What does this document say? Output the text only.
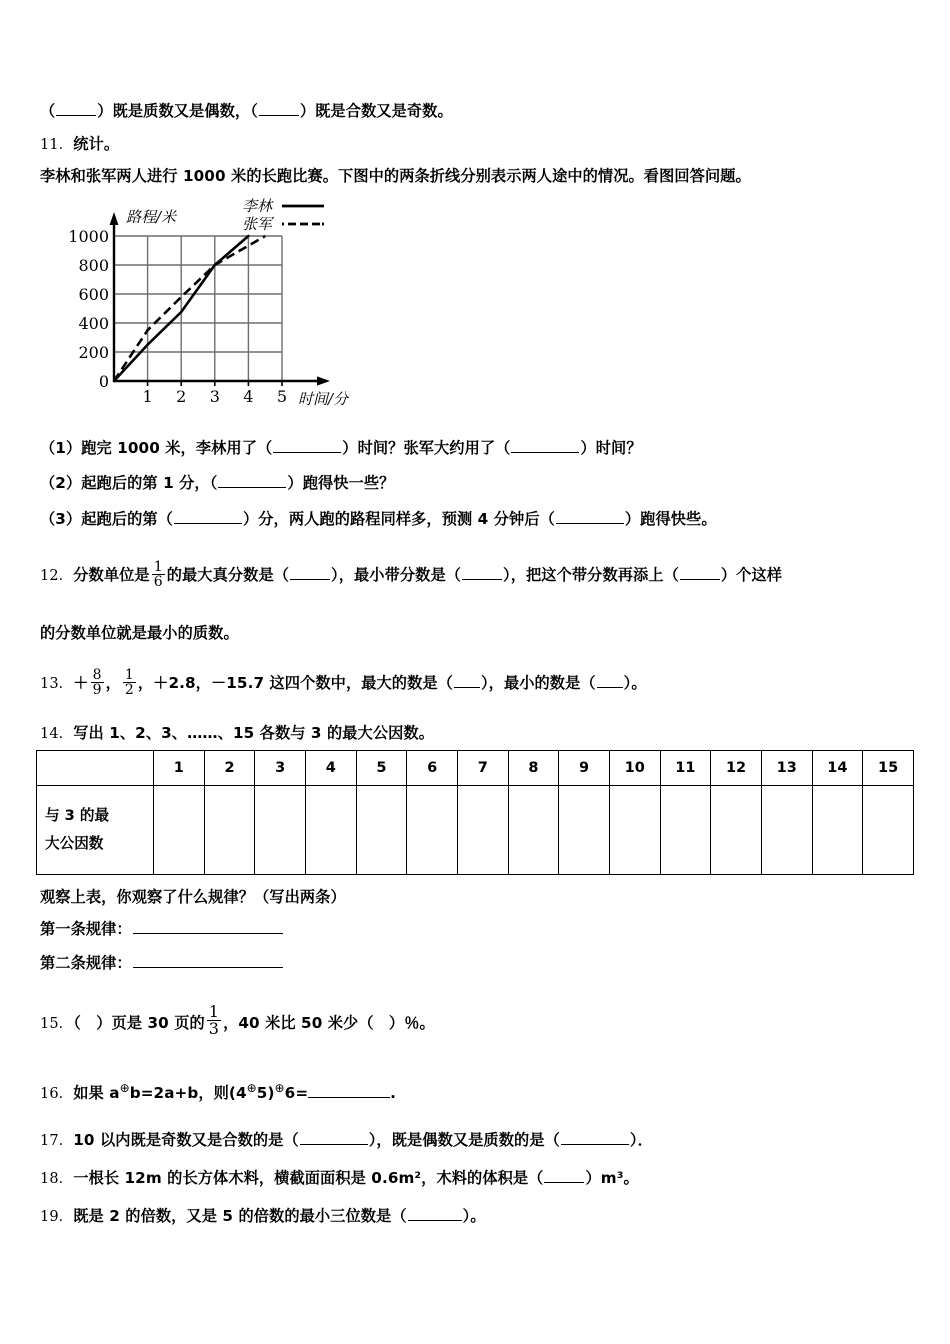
（	）既是质数又是偶数，（	）既是合数又是奇数。
11．统计。
李林和张军两人进行 1000 米的长跑比赛。下图中的两条折线分别表示两人途中的情况。看图回答问题。
1000
800
600
400
200
0
1 2 3 4 5
路程/米
时间/分
李林
张军
（1）跑完 1000 米，李林用了（	）时间？张军大约用了（	）时间？
（2）起跑后的第 1 分，（	）跑得快一些？
（3）起跑后的第（	）分，两人跑的路程同样多，预测 4 分钟后（	）跑得快些。
12．分数单位是 $\frac{1}{6}$ 的最大真分数是（	），最小带分数是（	），把这个带分数再添上（	）个这样
的分数单位就是最小的质数。
13．＋ $\frac{8}{9}$ ， $\frac{1}{2}$ ，＋2.8，－15.7 这四个数中，最大的数是（ ），最小的数是（ ）。
14．写出 1、2、3、……、15 各数与 3 的最大公因数。
	1	2	3	4	5	6	7	8	9	10	11	12	13	14	15

与 3 的最
大公因数															

观察上表，你观察了什么规律？（写出两条）
第一条规律：
第二条规律：
15．（　）页是 30 页的 $\frac{1}{3}$ ，40 米比 50 米少（　）％。
16．如果 a⊕b=2a+b，则(4⊕5)⊕6=	.
17．10 以内既是奇数又是合数的是（	），既是偶数又是质数的是（	）．
18．一根长 12m 的长方体木料，横截面面积是 0.6m²，木料的体积是（	）m³。
19．既是 2 的倍数，又是 5 的倍数的最小三位数是（	）。
